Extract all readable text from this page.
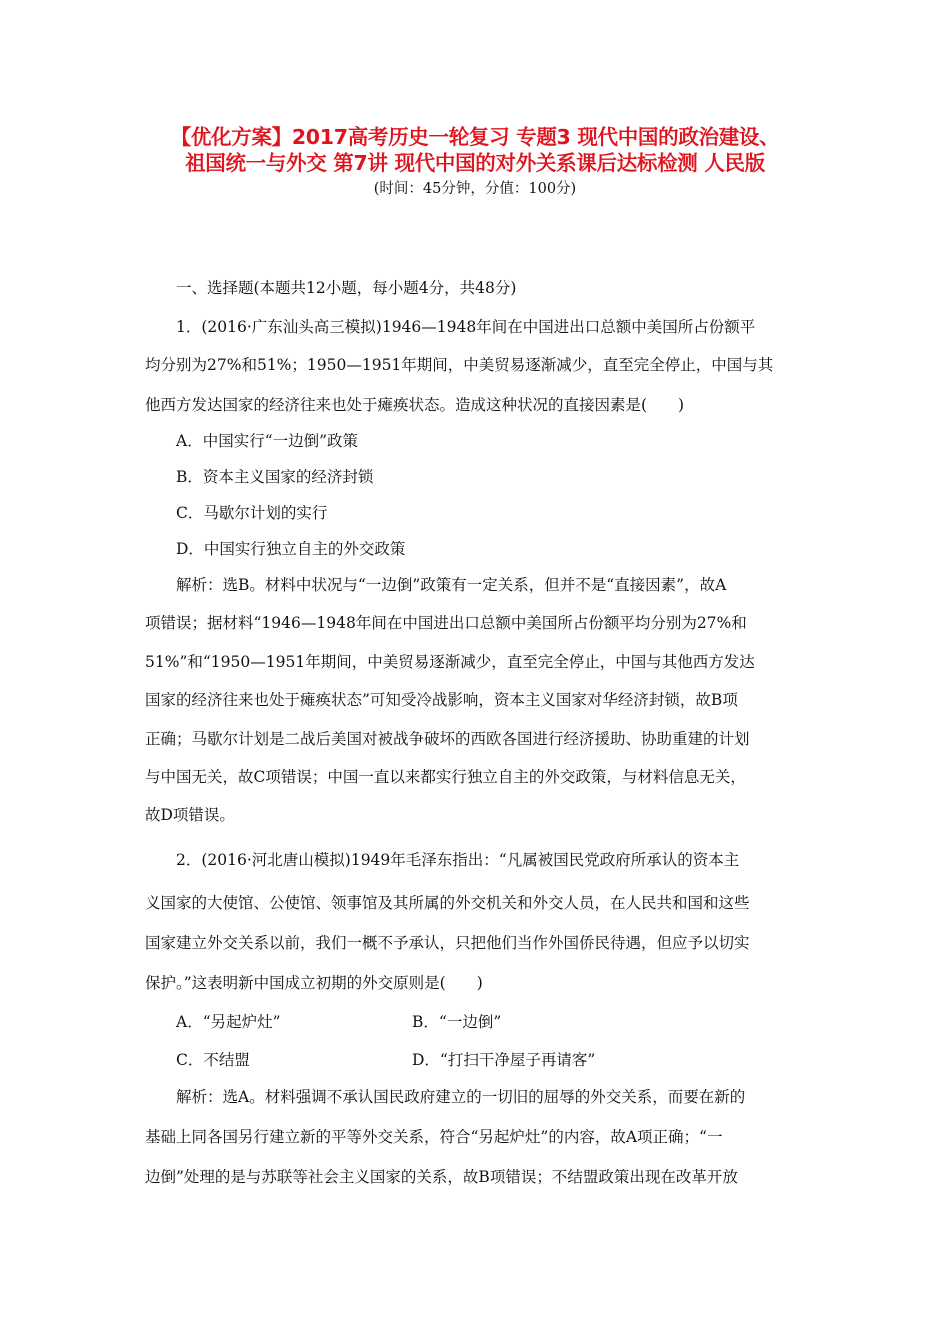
【优化方案】2017高考历史一轮复习 专题3 现代中国的政治建设、
祖国统一与外交 第7讲 现代中国的对外关系课后达标检测 人民版
(时间：45分钟，分值：100分)
一、选择题(本题共12小题，每小题4分，共48分)
1．(2016·广东汕头高三模拟)1946—1948年间在中国进出口总额中美国所占份额平
均分别为27%和51%；1950—1951年期间，中美贸易逐渐减少，直至完全停止，中国与其
他西方发达国家的经济往来也处于瘫痪状态。造成这种状况的直接因素是(　　)
A．中国实行“一边倒”政策
B．资本主义国家的经济封锁
C．马歇尔计划的实行
D．中国实行独立自主的外交政策
解析：选B。材料中状况与“一边倒”政策有一定关系，但并不是“直接因素”，故A
项错误；据材料“1946—1948年间在中国进出口总额中美国所占份额平均分别为27%和
51%”和“1950—1951年期间，中美贸易逐渐减少，直至完全停止，中国与其他西方发达
国家的经济往来也处于瘫痪状态”可知受冷战影响，资本主义国家对华经济封锁，故B项
正确；马歇尔计划是二战后美国对被战争破坏的西欧各国进行经济援助、协助重建的计划
与中国无关，故C项错误；中国一直以来都实行独立自主的外交政策，与材料信息无关，
故D项错误。
2．(2016·河北唐山模拟)1949年毛泽东指出：“凡属被国民党政府所承认的资本主
义国家的大使馆、公使馆、领事馆及其所属的外交机关和外交人员，在人民共和国和这些
国家建立外交关系以前，我们一概不予承认，只把他们当作外国侨民待遇，但应予以切实
保护。”这表明新中国成立初期的外交原则是(　　)
A．“另起炉灶”	B．“一边倒”
C．不结盟	D．“打扫干净屋子再请客”
解析：选A。材料强调不承认国民政府建立的一切旧的屈辱的外交关系，而要在新的
基础上同各国另行建立新的平等外交关系，符合“另起炉灶”的内容，故A项正确；“一
边倒”处理的是与苏联等社会主义国家的关系，故B项错误；不结盟政策出现在改革开放
